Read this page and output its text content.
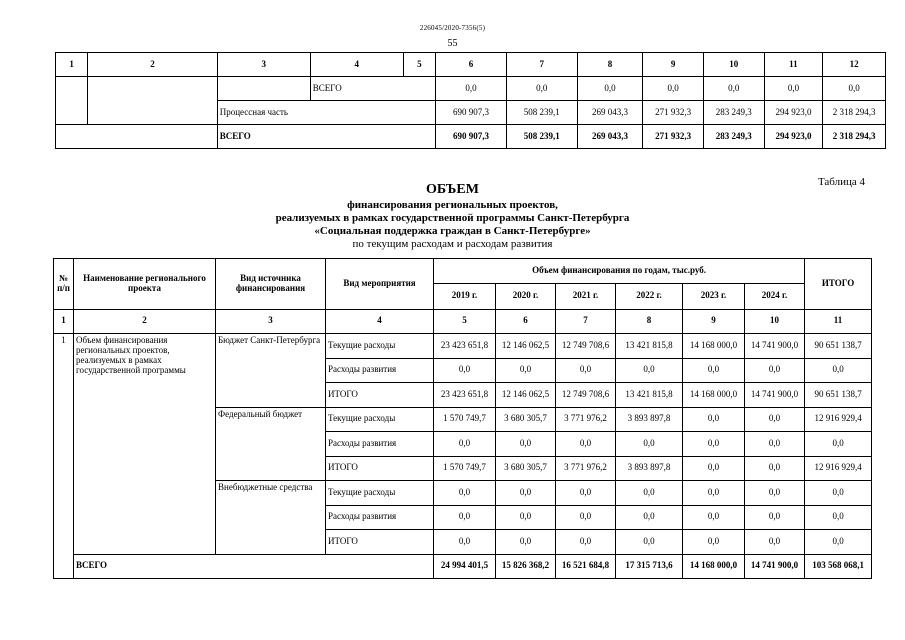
226045/2020-7356(5)
55
1	2	3	4	5	6	7	8	9	10	11	12
			ВСЕГО		0,0	0,0	0,0	0,0	0,0	0,0	0,0
		Процессная часть			690 907,3	508 239,1	269 043,3	271 932,3	283 249,3	294 923,0	2 318 294,3
		ВСЕГО			690 907,3	508 239,1	269 043,3	271 932,3	283 249,3	294 923,0	2 318 294,3
Таблица 4
ОБЪЕМ
финансирования региональных проектов,
реализуемых в рамках государственной программы Санкт-Петербурга
«Социальная поддержка граждан в Санкт-Петербурге»
по текущим расходам и расходам развития
№ п/п	Наименование регионального проекта	Вид источника финансирования	Вид мероприятия	Объем финансирования по годам, тыс.руб.						ИТОГО
				2019 г.	2020 г.	2021 г.	2022 г.	2023 г.	2024 г.	
1	2	3	4	5	6	7	8	9	10	11
1	Объем финансирования региональных проектов, реализуемых в рамках государственной программы	Бюджет Санкт-Петербурга	Текущие расходы	23 423 651,8	12 146 062,5	12 749 708,6	13 421 815,8	14 168 000,0	14 741 900,0	90 651 138,7
			Расходы развития	0,0	0,0	0,0	0,0	0,0	0,0	0,0
			ИТОГО	23 423 651,8	12 146 062,5	12 749 708,6	13 421 815,8	14 168 000,0	14 741 900,0	90 651 138,7
		Федеральный бюджет	Текущие расходы	1 570 749,7	3 680 305,7	3 771 976,2	3 893 897,8	0,0	0,0	12 916 929,4
			Расходы развития	0,0	0,0	0,0	0,0	0,0	0,0	0,0
			ИТОГО	1 570 749,7	3 680 305,7	3 771 976,2	3 893 897,8	0,0	0,0	12 916 929,4
		Внебюджетные средства	Текущие расходы	0,0	0,0	0,0	0,0	0,0	0,0	0,0
			Расходы развития	0,0	0,0	0,0	0,0	0,0	0,0	0,0
			ИТОГО	0,0	0,0	0,0	0,0	0,0	0,0	0,0
	ВСЕГО			24 994 401,5	15 826 368,2	16 521 684,8	17 315 713,6	14 168 000,0	14 741 900,0	103 568 068,1
